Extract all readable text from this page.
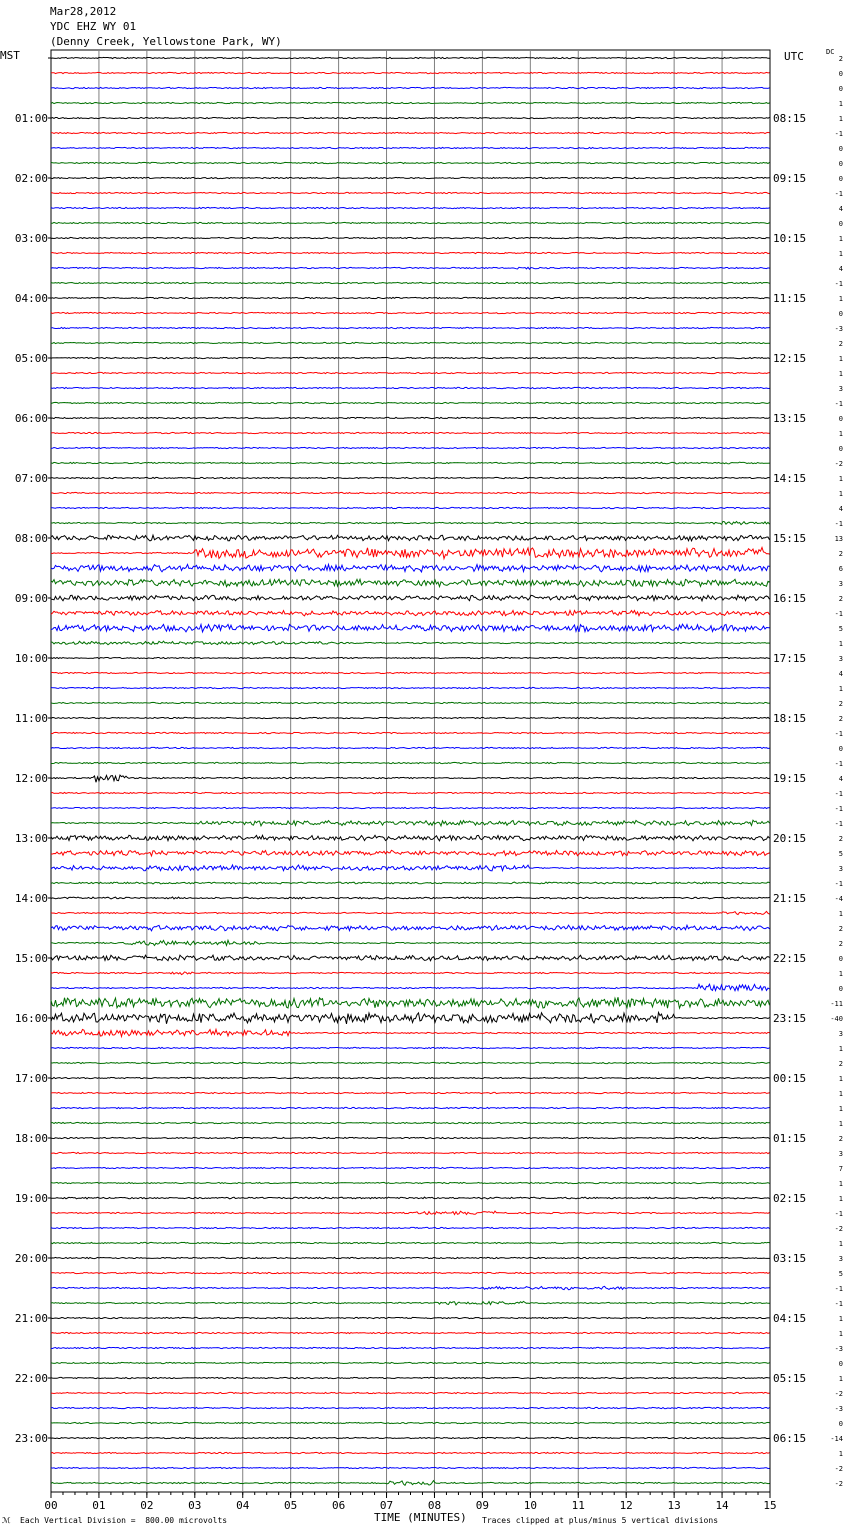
Mar28,2012
YDC EHZ WY 01
(Denny Creek, Yellowstone Park, WY)
MST	UTC	DC
00	01	02	03	04	05	06	07	08	09	10	11	12	13	14	15
2
0
0
1
1
01:00	08:15
-1
0
0
0
02:00	09:15
-1
4
0
1
03:00	10:15
1
4
-1
1
04:00	11:15
0
-3
2
1
05:00	12:15
1
3
-1
0
06:00	13:15
1
0
-2
1
07:00	14:15
1
4
-1
13
08:00	15:15
2
6
3
2
09:00	16:15
-1
5
1
3
10:00	17:15
4
1
2
2
11:00	18:15
-1
0
-1
4
12:00	19:15
-1
-1
-1
2
13:00	20:15
5
3
-1
-4
14:00	21:15
1
2
2
0
15:00	22:15
1
0
-11
-40
16:00	23:15
3
1
2
1
17:00	00:15
1
1
1
2
18:00	01:15
3
7
1
1
19:00	02:15
-1
-2
1
3
20:00	03:15
5
-1
-1
1
21:00	04:15
1
-3
0
1
22:00	05:15
-2
-3
0
-14
23:00	06:15
1
-2
-2
ℳ Each Vertical Division =  800.00 microvolts	TIME (MINUTES) Traces clipped at plus/minus 5 vertical divisions
